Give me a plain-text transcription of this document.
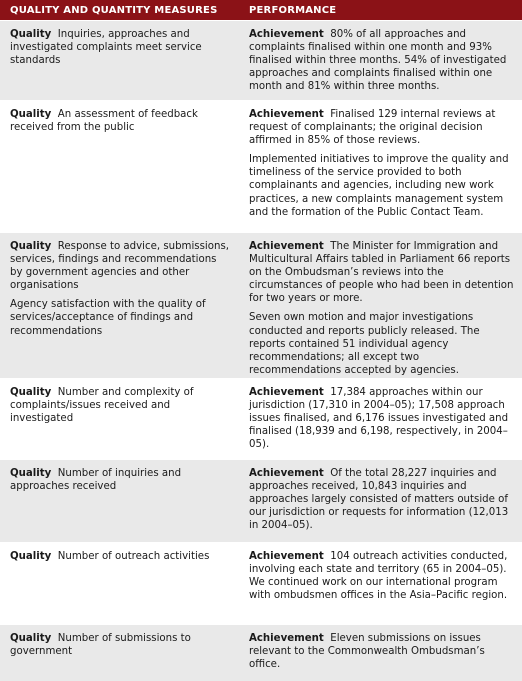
QUALITY AND QUANTITY MEASURES	PERFORMANCE

Quality Inquiries, approaches and investigated complaints meet service standards

Achievement 80% of all approaches and complaints finalised within one month and 93% finalised within three months. 54% of investigated approaches and complaints finalised within one month and 81% within three months.

Quality An assessment of feedback received from the public

Achievement Finalised 129 internal reviews at request of complainants; the original decision affirmed in 85% of those reviews.

Implemented initiatives to improve the quality and timeliness of the service provided to both complainants and agencies, including new work practices, a new complaints management system and the formation of the Public Contact Team.

Quality Response to advice, submissions, services, findings and recommendations by government agencies and other organisations

Agency satisfaction with the quality of services/acceptance of findings and recommendations

Achievement The Minister for Immigration and Multicultural Affairs tabled in Parliament 66 reports on the Ombudsman’s reviews into the circumstances of people who had been in detention for two years or more.

Seven own motion and major investigations conducted and reports publicly released. The reports contained 51 individual agency recommendations; all except two recommendations accepted by agencies.

Quality Number and complexity of complaints/issues received and investigated

Achievement 17,384 approaches within our jurisdiction (17,310 in 2004–05); 17,508 approach issues finalised, and 6,176 issues investigated and finalised (18,939 and 6,198, respectively, in 2004–05).

Quality Number of inquiries and approaches received

Achievement Of the total 28,227 inquiries and approaches received, 10,843 inquiries and approaches largely consisted of matters outside of our jurisdiction or requests for information (12,013 in 2004–05).

Quality Number of outreach activities	Achievement 104 outreach activities conducted, involving each state and territory (65 in 2004–05). We continued work on our international program with ombudsmen offices in the Asia–Pacific region.

Quality Number of submissions to government

Achievement Eleven submissions on issues relevant to the Commonwealth Ombudsman’s office.
